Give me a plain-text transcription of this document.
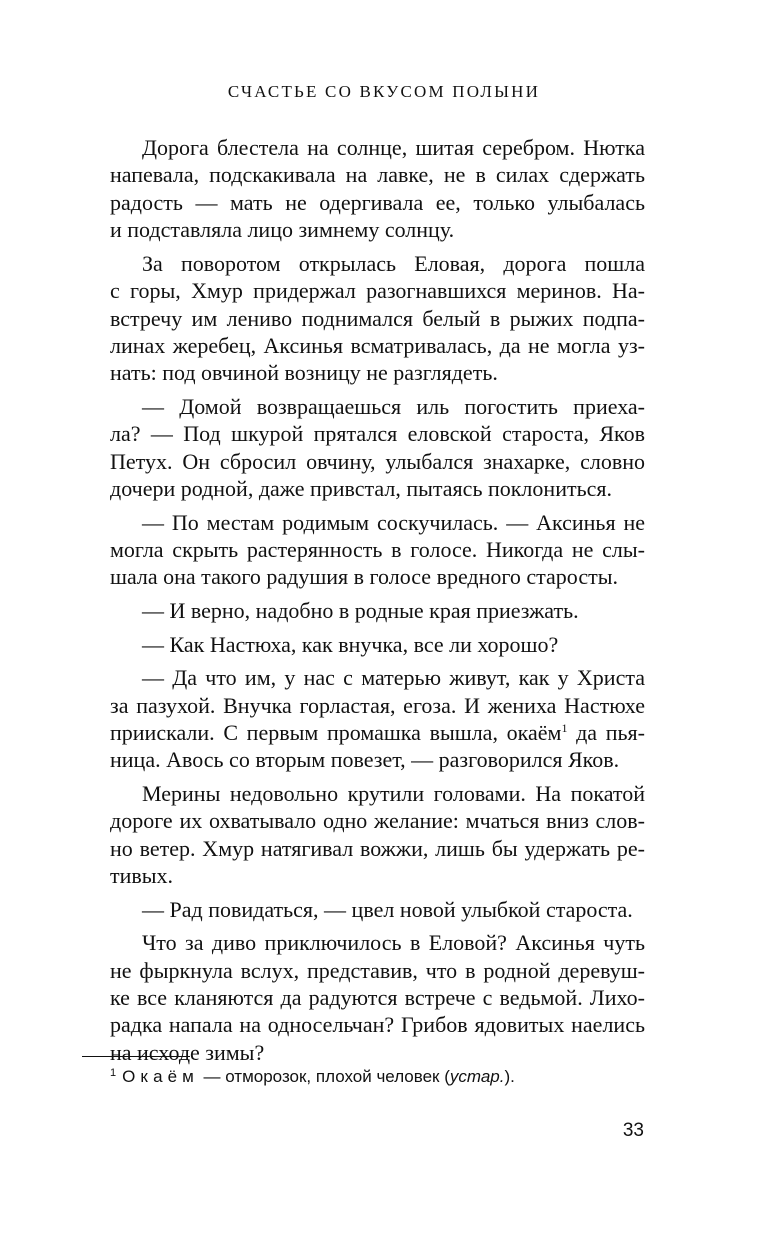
СЧАСТЬЕ СО ВКУСОМ ПОЛЫНИ
Дорога блестела на солнце, шитая серебром. Нютка
напевала, подскакивала на лавке, не в силах сдержать
радость — мать не одергивала ее, только улыбалась
и подставляла лицо зимнему солнцу.
За поворотом открылась Еловая, дорога пошла
с горы, Хмур придержал разогнавшихся меринов. На-
встречу им лениво поднимался белый в рыжих подпа-
линах жеребец, Аксинья всматривалась, да не могла уз-
нать: под овчиной возницу не разглядеть.
— Домой возвращаешься иль погостить приеха-
ла? — Под шкурой прятался еловской староста, Яков
Петух. Он сбросил овчину, улыбался знахарке, словно
дочери родной, даже привстал, пытаясь поклониться.
— По местам родимым соскучилась. — Аксинья не
могла скрыть растерянность в голосе. Никогда не слы-
шала она такого радушия в голосе вредного старосты.
— И верно, надобно в родные края приезжать.
— Как Настюха, как внучка, все ли хорошо?
— Да что им, у нас с матерью живут, как у Христа
за пазухой. Внучка горластая, егоза. И жениха Настюхе
приискали. С первым промашка вышла, окаём$^1$ да пья-
ница. Авось со вторым повезет, — разговорился Яков.
Мерины недовольно крутили головами. На покатой
дороге их охватывало одно желание: мчаться вниз слов-
но ветер. Хмур натягивал вожжи, лишь бы удержать ре-
тивых.
— Рад повидаться, — цвел новой улыбкой староста.
Что за диво приключилось в Еловой? Аксинья чуть
не фыркнула вслух, представив, что в родной деревуш-
ке все кланяются да радуются встрече с ведьмой. Лихо-
радка напала на односельчан? Грибов ядовитых наелись
на исходе зимы?
$^1$ Окаём — отморозок, плохой человек (устар.).
33
